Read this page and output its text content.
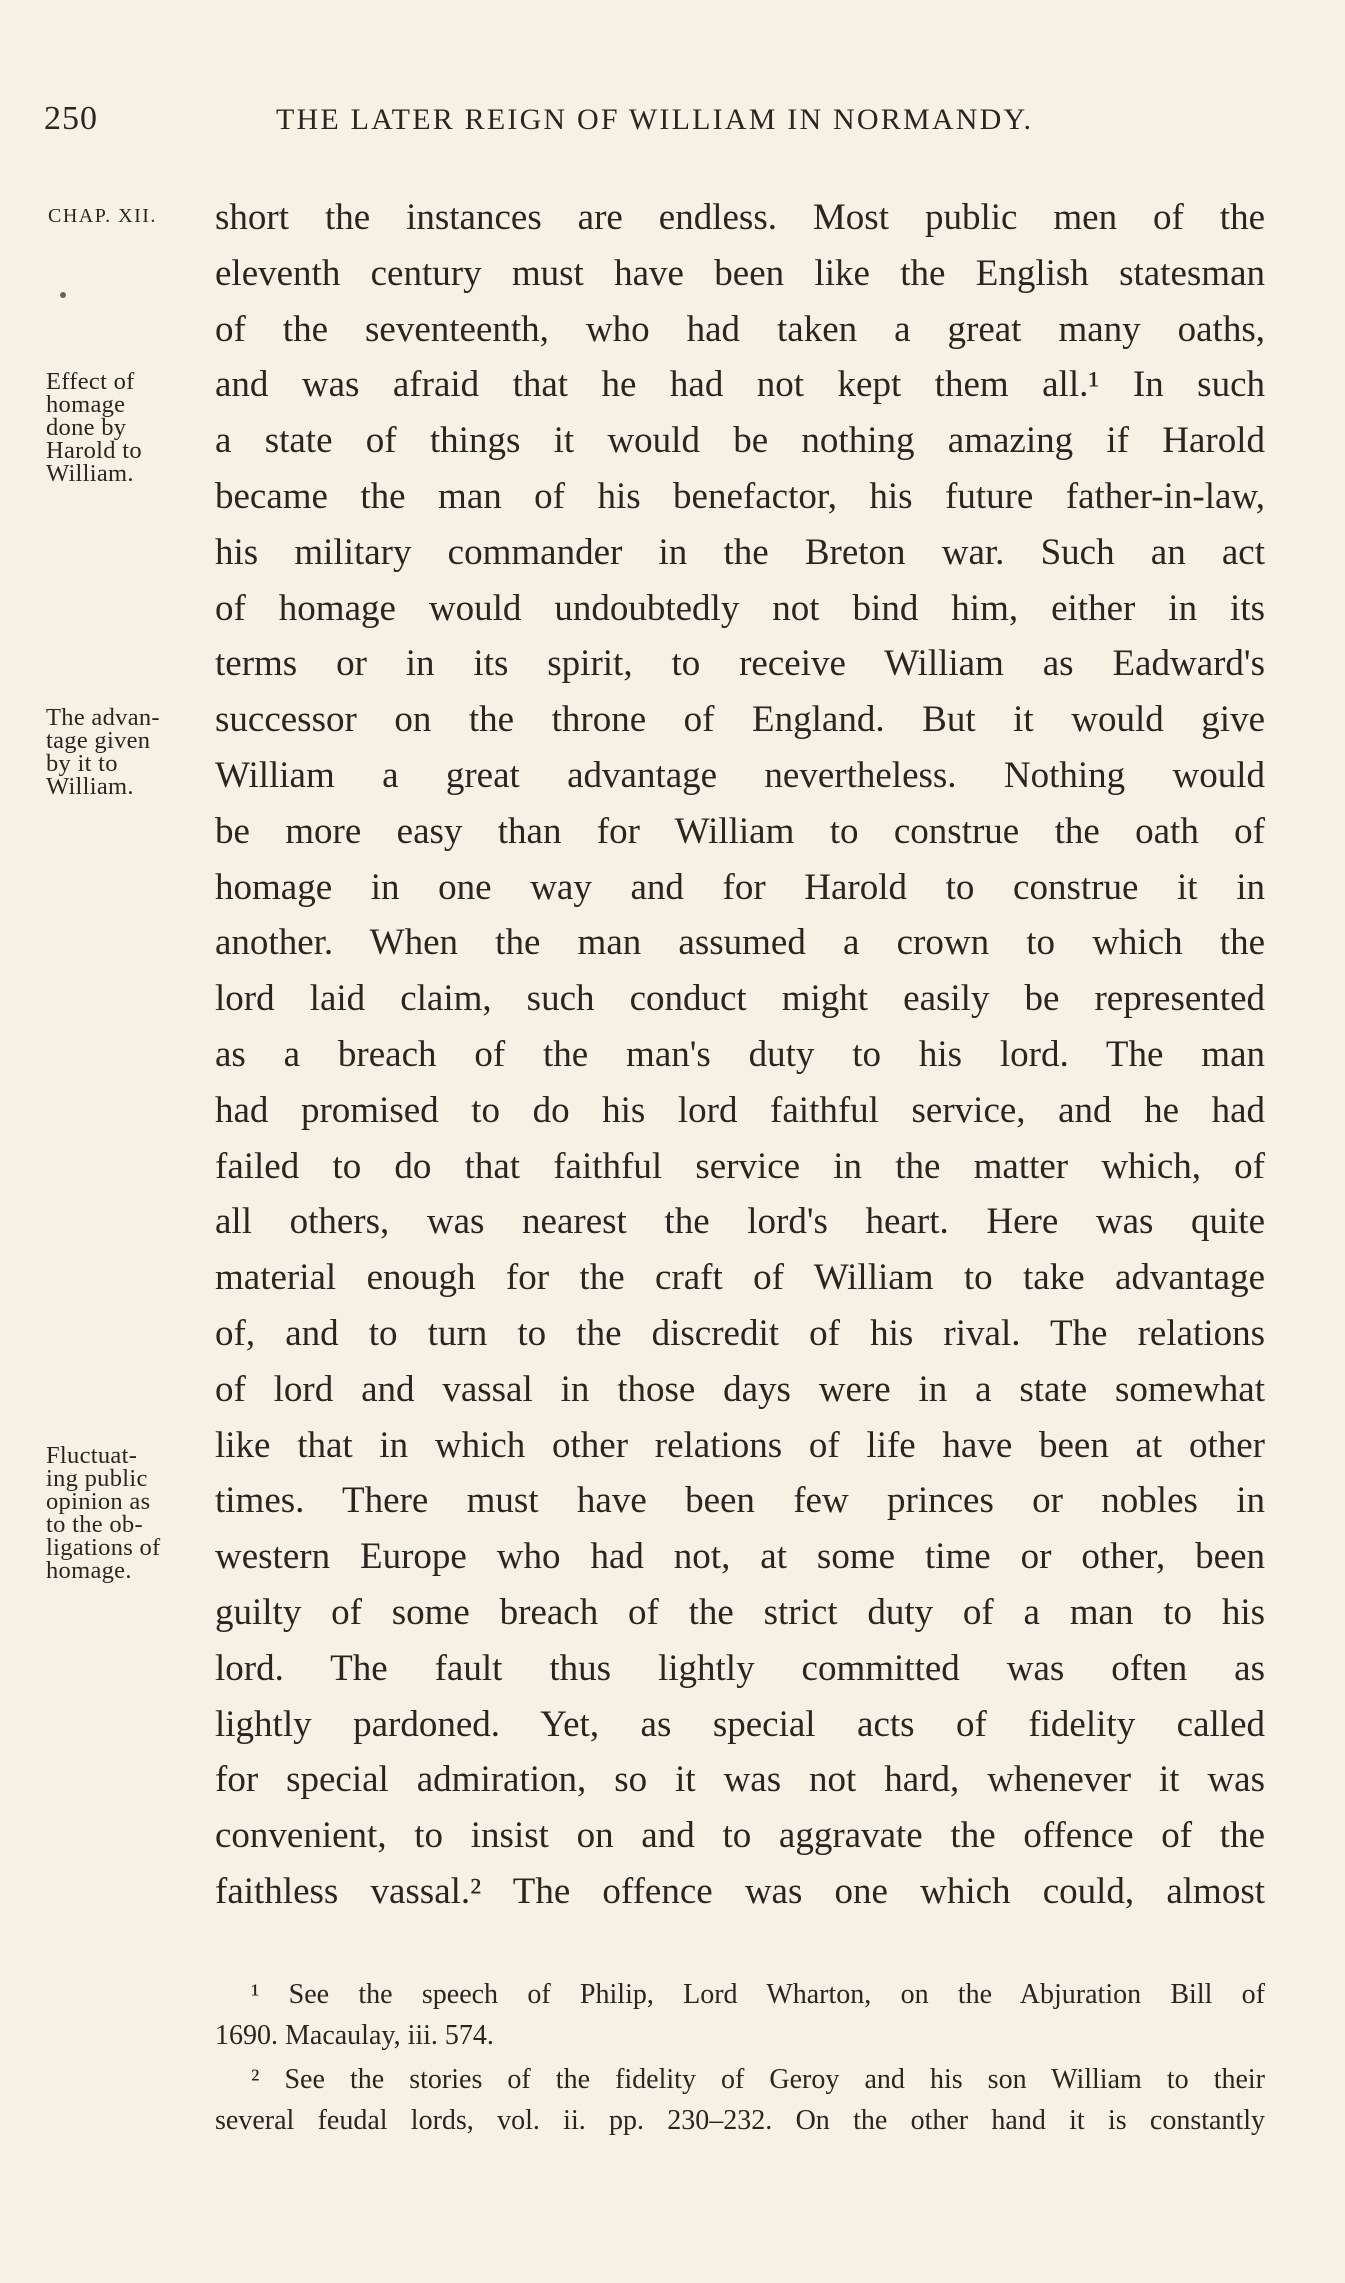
250	THE LATER REIGN OF WILLIAM IN NORMANDY.
CHAP. XII.
Effect of
homage
done by
Harold to
William.
The advan-
tage given
by it to
William.
Fluctuat-
ing public
opinion as
to the ob-
ligations of
homage.
short the instances are endless. Most public men of the
eleventh century must have been like the English statesman
of the seventeenth, who had taken a great many oaths,
and was afraid that he had not kept them all.¹ In such
a state of things it would be nothing amazing if Harold
became the man of his benefactor, his future father-in-law,
his military commander in the Breton war. Such an act
of homage would undoubtedly not bind him, either in its
terms or in its spirit, to receive William as Eadward's
successor on the throne of England. But it would give
William a great advantage nevertheless. Nothing would
be more easy than for William to construe the oath of
homage in one way and for Harold to construe it in
another. When the man assumed a crown to which the
lord laid claim, such conduct might easily be represented
as a breach of the man's duty to his lord. The man
had promised to do his lord faithful service, and he had
failed to do that faithful service in the matter which, of
all others, was nearest the lord's heart. Here was quite
material enough for the craft of William to take advantage
of, and to turn to the discredit of his rival. The relations
of lord and vassal in those days were in a state somewhat
like that in which other relations of life have been at other
times. There must have been few princes or nobles in
western Europe who had not, at some time or other, been
guilty of some breach of the strict duty of a man to his
lord. The fault thus lightly committed was often as
lightly pardoned. Yet, as special acts of fidelity called
for special admiration, so it was not hard, whenever it was
convenient, to insist on and to aggravate the offence of the
faithless vassal.² The offence was one which could, almost
¹ See the speech of Philip, Lord Wharton, on the Abjuration Bill of
1690. Macaulay, iii. 574.
² See the stories of the fidelity of Geroy and his son William to their
several feudal lords, vol. ii. pp. 230–232. On the other hand it is constantly
